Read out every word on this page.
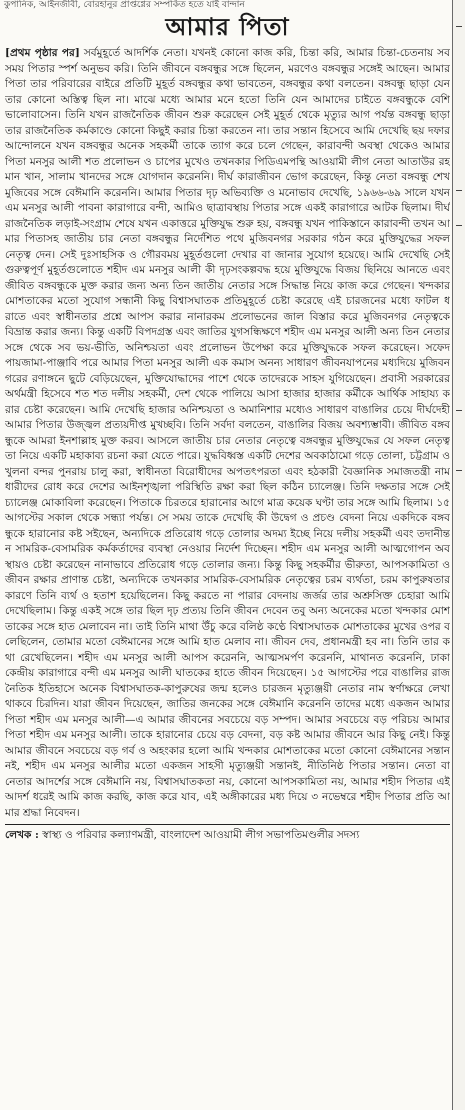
কুপানিক, আইনজীবী, বোরহানুর প্রাপ্তগ্নের সম্পর্কিত হতে যাই বান্দান
আমার পিতা

[প্রথম পৃষ্ঠার পর] সর্বমুহূর্তে আদর্শিক নেতা। যখনই কোনো কাজ করি, চিন্তা করি, আমার চিন্তা-চেতনায় সব সময় পিতার স্পর্শ অনুভব করি। তিনি জীবনে বঙ্গবন্ধুর সঙ্গে ছিলেন, মরণেও বঙ্গবন্ধুর সঙ্গেই আছেন। আমার পিতা তার পরিবারের বাইরে প্রতিটি মুহূর্ত বঙ্গবন্ধুর কথা ভাবতেন, বঙ্গবন্ধুর কথা বলতেন। বঙ্গবন্ধু ছাড়া যেন তার কোনো অস্তিত্ব ছিল না। মাঝে মধ্যে আমার মনে হতো তিনি যেন আমাদের চাইতে বঙ্গবন্ধুকে বেশি ভালোবাসেন। তিনি যখন রাজনৈতিক জীবন শুরু করেছেন সেই মুহূর্ত থেকে মৃত্যুর আগ পর্যন্ত বঙ্গবন্ধু ছাড়া তার রাজনৈতিক কর্মকাণ্ডে কোনো কিছুই করার চিন্তা করতেন না। তার সন্তান হিসেবে আমি দেখেছি ছয় দফার আন্দোলনে যখন বঙ্গবন্ধুর অনেক সহকর্মী তাকে ত্যাগ করে চলে গেছেন, কারাবন্দী অবস্থা থেকেও আমার পিতা মনসুর আলী শত প্রলোভন ও চাপের মুখেও তখনকার পিডিএমপন্থি আওয়ামী লীগ নেতা আতাউর রহমান খান, সালাম খানদের সঙ্গে যোগদান করেননি। দীর্ঘ কারাজীবন ভোগ করেছেন, কিন্তু নেতা বঙ্গবন্ধু শেখ মুজিবের সঙ্গে বেঈমানি করেননি। আমার পিতার দৃঢ় অভিব্যক্তি ও মনোভাব দেখেছি, ১৯৬৬-৬৯ সালে যখন এম মনসুর আলী পাবনা কারাগারে বন্দী, আমিও ছাত্রাবস্থায় পিতার সঙ্গে একই কারাগারে আটক ছিলাম। দীর্ঘ রাজনৈতিক লড়াই-সংগ্রাম শেষে যখন একাত্তরে মুক্তিযুদ্ধ শুরু হয়, বঙ্গবন্ধু যখন পাকিস্তানে কারাবন্দী তখন আমার পিতাসহ জাতীয় চার নেতা বঙ্গবন্ধুর নির্দেশিত পথে মুজিবনগর সরকার গঠন করে মুক্তিযুদ্ধের সফল নেতৃত্ব দেন। সেই দুঃসাহসিক ও গৌরবময় মুহূর্তগুলো দেখার বা জানার সুযোগ হয়েছে। আমি দেখেছি সেই গুরুত্বপূর্ণ মুহূর্তগুলোতে শহীদ এম মনসুর আলী কী দৃঢ়সংকল্পবদ্ধ হয়ে মুক্তিযুদ্ধে বিজয় ছিনিয়ে আনতে এবং জীবিত বঙ্গবন্ধুকে মুক্ত করার জন্য অন্য তিন জাতীয় নেতার সঙ্গে সিদ্ধান্ত নিয়ে কাজ করে গেছেন। খন্দকার মোশতাকের মতো সুযোগ সন্ধানী কিছু বিশ্বাসঘাতক প্রতিমুহূর্তে চেষ্টা করেছে এই চারজনের মধ্যে ফাটল ধরাতে এবং স্বাধীনতার প্রশ্নে আপস করার নানারকম প্রলোভনের জাল বিস্তার করে মুজিবনগর নেতৃত্বকে বিভ্রান্ত করার জন্য। কিন্তু একটি বিপদগ্রস্ত এবং জাতির যুগসন্ধিক্ষণে শহীদ এম মনসুর আলী অন্য তিন নেতার সঙ্গে থেকে সব ভয়-ভীতি, অনিশ্চয়তা এবং প্রলোভন উপেক্ষা করে মুক্তিযুদ্ধকে সফল করেছেন। সফেদ পায়জামা-পাঞ্জাবি পরে আমার পিতা মনসুর আলী এক কমাস অনন্য সাধারণ জীবনযাপনের মধ্যদিয়ে মুজিবনগরের রণাঙ্গনে ছুটে বেড়িয়েছেন, মুক্তিযোদ্ধাদের পাশে থেকে তাদেরকে সাহস যুগিয়েছেন। প্রবাসী সরকারের অর্থমন্ত্রী হিসেবে শত শত দলীয় সহকর্মী, দেশ থেকে পালিয়ে আসা হাজার হাজার কর্মীকে আর্থিক সাহায্য করার চেষ্টা করেছেন। আমি দেখেছি হাজার অনিশ্চয়তা ও অমানিশার মধ্যেও সাধারণ বাঙালির চেয়ে দীর্ঘদেহী আমার পিতার উজ্জ্বল প্রত্যয়দীপ্ত মুখচ্ছবি। তিনি সর্বদা বলতেন, বাঙালির বিজয় অবশ্যম্ভাবী। জীবিত বঙ্গবন্ধুকে আমরা ইনশাল্লাহ মুক্ত করব। আসলে জাতীয় চার নেতার নেতৃত্বে বঙ্গবন্ধুর মুক্তিযুদ্ধের যে সফল নেতৃত্ব তা নিয়ে একটি মহাকাব্য রচনা করা যেতে পারে। যুদ্ধবিধ্বস্ত একটি দেশের অবকাঠামো গড়ে তোলা, চট্টগ্রাম ও খুলনা বন্দর পুনরায় চালু করা, স্বাধীনতা বিরোধীদের অপতৎপরতা এবং হঠকারী বৈজ্ঞানিক সমাজতন্ত্রী নামধারীদের রোধ করে দেশের আইনশৃঙ্খলা পরিস্থিতি রক্ষা করা ছিল কঠিন চ্যালেঞ্জ। তিনি দক্ষতার সঙ্গে সেই চ্যালেঞ্জ মোকাবিলা করেছেন। পিতাকে চিরতরে হারানোর আগে মাত্র কয়েক ঘণ্টা তার সঙ্গে আমি ছিলাম। ১৫ আগস্টের সকাল থেকে সন্ধ্যা পর্যন্ত। সে সময় তাকে দেখেছি কী উদ্বেগ ও প্রচণ্ড বেদনা নিয়ে একদিকে বঙ্গবন্ধুকে হারানোর কষ্ট সইছেন, অন্যদিকে প্রতিরোধ গড়ে তোলার অদম্য ইচ্ছে নিয়ে দলীয় সহকর্মী এবং তদানীন্তন সামরিক-বেসামরিক কর্মকর্তাদের ব্যবস্থা নেওয়ার নির্দেশ দিচ্ছেন। শহীদ এম মনসুর আলী আত্মগোপন অবস্থায়ও চেষ্টা করেছেন নানাভাবে প্রতিরোধ গড়ে তোলার জন্য। কিন্তু কিছু সহকর্মীর ভীরুতা, আপসকামিতা ও জীবন রক্ষার প্রাণান্ত চেষ্টা, অন্যদিকে তখনকার সামরিক-বেসামরিক নেতৃত্বের চরম ব্যর্থতা, চরম কাপুরুষতার কারণে তিনি ব্যর্থ ও হতাশ হয়েছিলেন। কিছু করতে না পারার বেদনায় জর্জর তার অশ্রুসিক্ত চেহারা আমি দেখেছিলাম। কিন্তু একই সঙ্গে তার ছিল দৃঢ় প্রত্যয় তিনি জীবন দেবেন তবু অন্য অনেকের মতো খন্দকার মোশতাকের সঙ্গে হাত মেলাবেন না। তাই তিনি মাথা উঁচু করে বলিষ্ঠ কণ্ঠে বিশ্বাসঘাতক মোশতাকের মুখের ওপর বলেছিলেন, তোমার মতো বেঈমানের সঙ্গে আমি হাত মেলাব না। জীবন দেব, প্রধানমন্ত্রী হব না। তিনি তার কথা রেখেছিলেন। শহীদ এম মনসুর আলী আপস করেননি, আত্মসমর্পণ করেননি, মাথানত করেননি, ঢাকা কেন্দ্রীয় কারাগারে বন্দী এম মনসুর আলী ঘাতকের হাতে জীবন দিয়েছেন। ১৫ আগস্টের পরে বাঙালির রাজনৈতিক ইতিহাসে অনেক বিশ্বাসঘাতক-কাপুরুষের জন্ম হলেও চারজন মৃত্যুঞ্জয়ী নেতার নাম স্বর্ণাক্ষরে লেখা থাকবে চিরদিন। যারা জীবন দিয়েছেন, জাতির জনকের সঙ্গে বেঈমানি করেননি তাদের মধ্যে একজন আমার পিতা শহীদ এম মনসুর আলী—এ আমার জীবনের সবচেয়ে বড় সম্পদ। আমার সবচেয়ে বড় পরিচয় আমার পিতা শহীদ এম মনসুর আলী। তাকে হারানোর চেয়ে বড় বেদনা, বড় কষ্ট আমার জীবনে আর কিছু নেই। কিন্তু আমার জীবনে সবচেয়ে বড় গর্ব ও অহংকার হলো আমি খন্দকার মোশতাকের মতো কোনো বেঈমানের সন্তান নই, শহীদ এম মনসুর আলীর মতো একজন সাহসী মৃত্যুঞ্জয়ী সন্তানই, নীতিনিষ্ঠ পিতার সন্তান। নেতা বা নেতার আদর্শের সঙ্গে বেঈমানি নয়, বিশ্বাসঘাতকতা নয়, কোনো আপসকামিতা নয়, আমার শহীদ পিতার এই আদর্শ ধরেই আমি কাজ করছি, কাজ করে যাব, এই অঙ্গীকারের মধ্য দিয়ে ৩ নভেম্বরে শহীদ পিতার প্রতি আমার শ্রদ্ধা নিবেদন।

লেখক : স্বাস্থ্য ও পরিবার কল্যাণমন্ত্রী, বাংলাদেশ আওয়ামী লীগ সভাপতিমণ্ডলীর সদস্য
